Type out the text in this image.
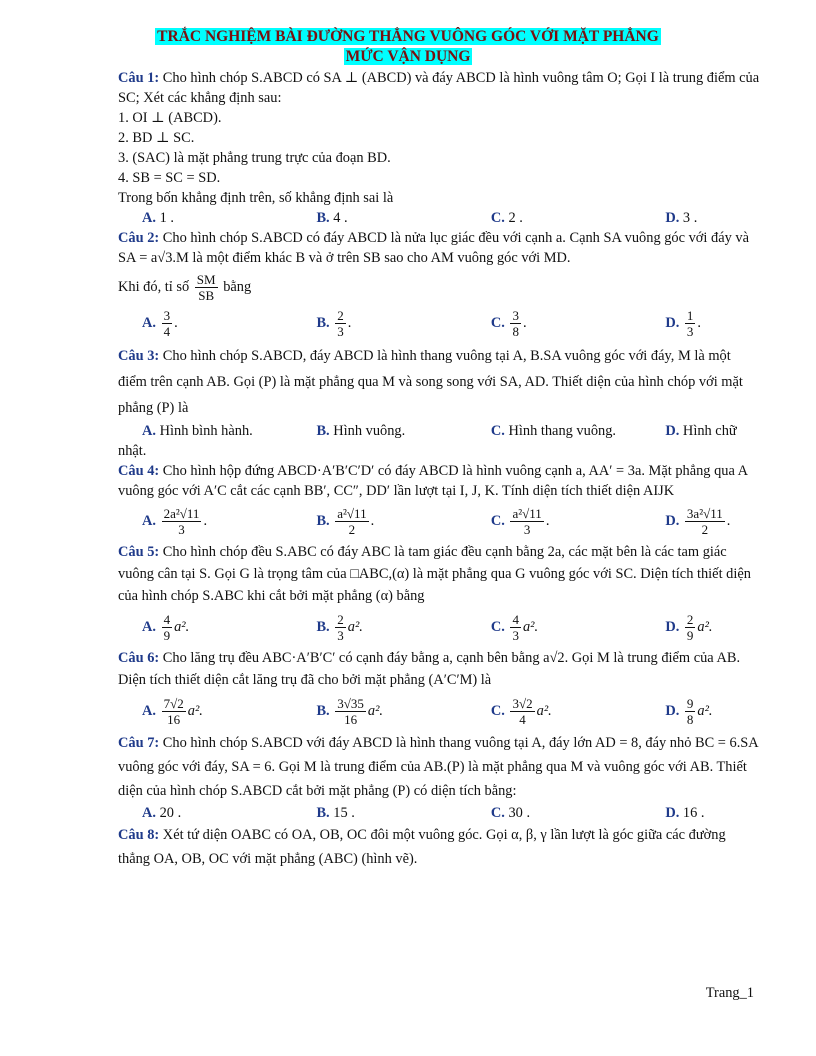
TRẮC NGHIỆM BÀI ĐƯỜNG THẲNG VUÔNG GÓC VỚI MẶT PHẲNG
MỨC VẬN DỤNG

Câu 1: Cho hình chóp S.ABCD có SA ⊥ (ABCD) và đáy ABCD là hình vuông tâm O; Gọi I là trung điểm của SC; Xét các khẳng định sau:

1. OI ⊥ (ABCD).

2. BD ⊥ SC.

3. (SAC) là mặt phẳng trung trực của đoạn BD.

4. SB = SC = SD.

Trong bốn khẳng định trên, số khẳng định sai là

A. 1 .	B. 4 .	C. 2 .	D. 3 .

Câu 2: Cho hình chóp S.ABCD có đáy ABCD là nửa lục giác đều với cạnh a. Cạnh SA vuông góc với đáy và SA = a√3.M là một điểm khác B và ở trên SB sao cho AM vuông góc với MD.

Khi đó, tỉ số $\frac{SM}{SB}$ bằng

A. $\frac{3}{4}$ .	B. $\frac{2}{3}$ .	C. $\frac{3}{8}$ .	D. $\frac{1}{3}$ .

Câu 3: Cho hình chóp S.ABCD, đáy ABCD là hình thang vuông tại A, B.SA vuông góc với đáy, M là một điểm trên cạnh AB. Gọi (P) là mặt phẳng qua M và song song với SA, AD. Thiết diện của hình chóp với mặt phẳng (P) là

A. Hình bình hành.	B. Hình vuông.	C. Hình thang vuông.	D. Hình chữ

nhật.

Câu 4: Cho hình hộp đứng ABCD·A′B′C′D′ có đáy ABCD là hình vuông cạnh a, AA′ = 3a. Mặt phẳng qua A vuông góc với A′C cắt các cạnh BB′, CC″, DD′ lần lượt tại I, J, K. Tính diện tích thiết diện AIJK

A. $\frac{\text{2a²√11}}{3}$ .	B. $\frac{\text{a²√11}}{2}$ .	C. $\frac{\text{a²√11}}{3}$ .	D. $\frac{\text{3a²√11}}{2}$ .

Câu 5: Cho hình chóp đều S.ABC có đáy ABC là tam giác đều cạnh bằng 2a, các mặt bên là các tam giác vuông cân tại S. Gọi G là trọng tâm của □ABC,(α) là mặt phẳng qua G vuông góc với SC. Diện tích thiết diện của hình chóp S.ABC khi cắt bởi mặt phẳng (α) bằng

A. $\frac{4}{9} a^2$.	B. $\frac{2}{3} a^2$.	C. $\frac{4}{3} a^2$.	D. $\frac{2}{9} a^2$.

Câu 6: Cho lăng trụ đều ABC·A′B′C′ có cạnh đáy bằng a, cạnh bên bằng a√2. Gọi M là trung điểm của AB. Diện tích thiết diện cắt lăng trụ đã cho bởi mặt phẳng (A′C′M) là

A. $\frac{7√2}{16} a^2$.	B. $\frac{3√35}{16} a^2$.	C. $\frac{3√2}{4} a^2$.	D. $\frac{9}{8} a^2$.

Câu 7: Cho hình chóp S.ABCD với đáy ABCD là hình thang vuông tại A, đáy lớn AD = 8, đáy nhỏ BC = 6.SA vuông góc với đáy, SA = 6. Gọi M là trung điểm của AB.(P) là mặt phẳng qua M và vuông góc với AB. Thiết diện của hình chóp S.ABCD cắt bởi mặt phẳng (P) có diện tích bằng:

A. 20 .	B. 15 .	C. 30 .	D. 16 .

Câu 8: Xét tứ diện OABC có OA, OB, OC đôi một vuông góc. Gọi α, β, γ lần lượt là góc giữa các đường thẳng OA, OB, OC với mặt phẳng (ABC) (hình vẽ).

Trang_1
